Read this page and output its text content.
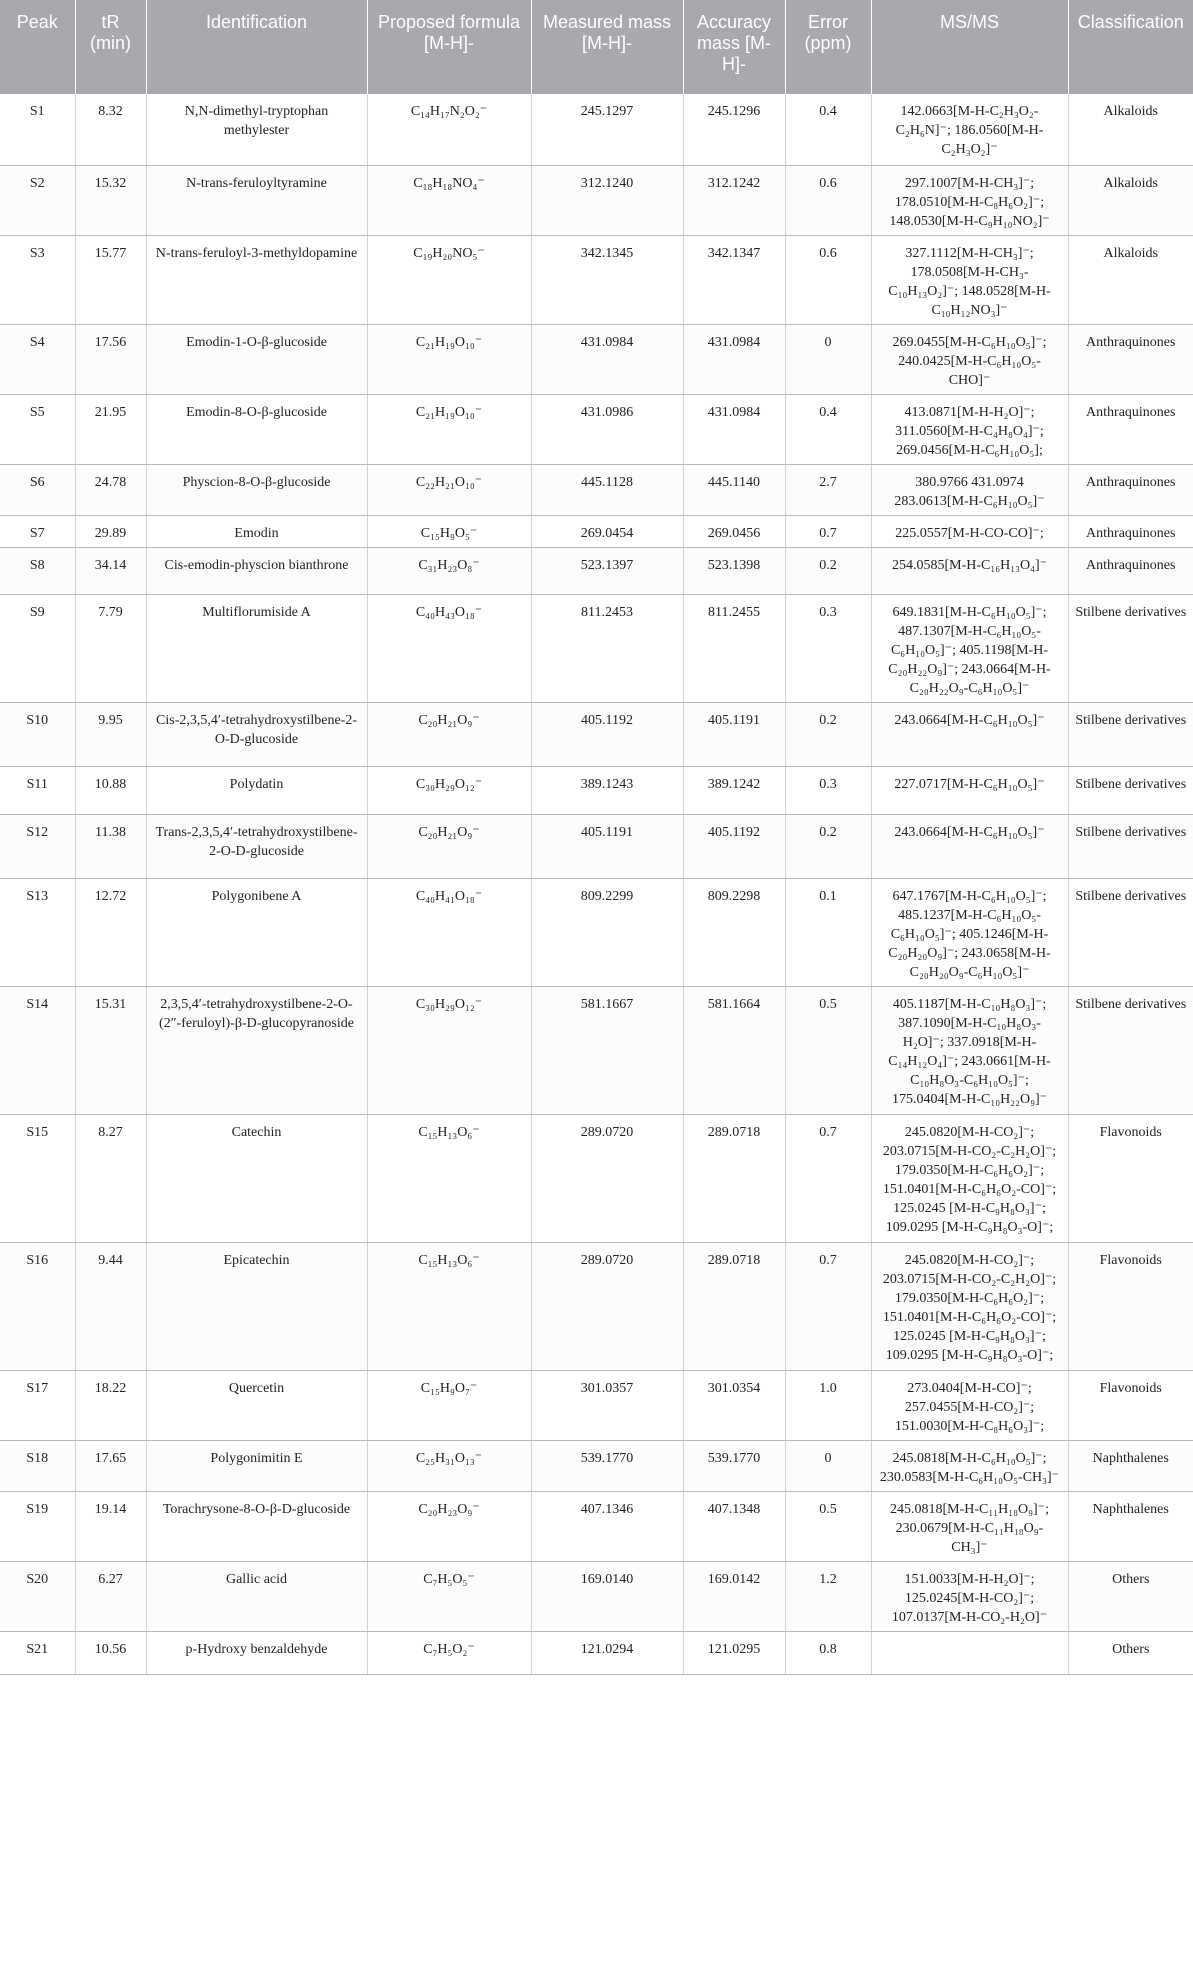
Peak	tR (min)	Identification	Proposed formula [M-H]-	Measured mass [M-H]-	Accuracy mass [M-H]-	Error (ppm)	MS/MS	Classification
S1	8.32	N,N-dimethyl-tryptophan methylester	C₁₄H₁₇N₂O₂⁻	245.1297	245.1296	0.4	142.0663[M-H-C₂H₃O₂-C₂H₆N]⁻; 186.0560[M-H-C₂H₃O₂]⁻	Alkaloids
S2	15.32	N-trans-feruloyltyramine	C₁₈H₁₈NO₄⁻	312.1240	312.1242	0.6	297.1007[M-H-CH₃]⁻; 178.0510[M-H-C₈H₆O₂]⁻; 148.0530[M-H-C₉H₁₀NO₂]⁻	Alkaloids
S3	15.77	N-trans-feruloyl-3-methyldopamine	C₁₉H₂₀NO₅⁻	342.1345	342.1347	0.6	327.1112[M-H-CH₃]⁻; 178.0508[M-H-CH₃-C₁₀H₁₃O₂]⁻; 148.0528[M-H-C₁₀H₁₂NO₃]⁻	Alkaloids
S4	17.56	Emodin-1-O-β-glucoside	C₂₁H₁₉O₁₀⁻	431.0984	431.0984	0	269.0455[M-H-C₆H₁₀O₅]⁻; 240.0425[M-H-C₆H₁₀O₅-CHO]⁻	Anthraquinones
S5	21.95	Emodin-8-O-β-glucoside	C₂₁H₁₉O₁₀⁻	431.0986	431.0984	0.4	413.0871[M-H-H₂O]⁻; 311.0560[M-H-C₄H₈O₄]⁻; 269.0456[M-H-C₆H₁₀O₅];	Anthraquinones
S6	24.78	Physcion-8-O-β-glucoside	C₂₂H₂₁O₁₀⁻	445.1128	445.1140	2.7	380.9766 431.0974 283.0613[M-H-C₆H₁₀O₅]⁻	Anthraquinones
S7	29.89	Emodin	C₁₅H₉O₅⁻	269.0454	269.0456	0.7	225.0557[M-H-CO-CO]⁻;	Anthraquinones
S8	34.14	Cis-emodin-physcion bianthrone	C₃₁H₂₃O₈⁻	523.1397	523.1398	0.2	254.0585[M-H-C₁₆H₁₃O₄]⁻	Anthraquinones
S9	7.79	Multiflorumiside A	C₄₀H₄₃O₁₈⁻	811.2453	811.2455	0.3	649.1831[M-H-C₆H₁₀O₅]⁻; 487.1307[M-H-C₆H₁₀O₅-C₆H₁₀O₅]⁻; 405.1198[M-H-C₂₀H₂₂O₉]⁻; 243.0664[M-H-C₂₀H₂₂O₉-C₆H₁₀O₅]⁻	Stilbene derivatives
S10	9.95	Cis-2,3,5,4′-tetrahydroxystilbene-2-O-D-glucoside	C₂₀H₂₁O₉⁻	405.1192	405.1191	0.2	243.0664[M-H-C₆H₁₀O₅]⁻	Stilbene derivatives
S11	10.88	Polydatin	C₃₀H₂₉O₁₂⁻	389.1243	389.1242	0.3	227.0717[M-H-C₆H₁₀O₅]⁻	Stilbene derivatives
S12	11.38	Trans-2,3,5,4′-tetrahydroxystilbene-2-O-D-glucoside	C₂₀H₂₁O₉⁻	405.1191	405.1192	0.2	243.0664[M-H-C₆H₁₀O₅]⁻	Stilbene derivatives
S13	12.72	Polygonibene A	C₄₀H₄₁O₁₈⁻	809.2299	809.2298	0.1	647.1767[M-H-C₆H₁₀O₅]⁻; 485.1237[M-H-C₆H₁₀O₅-C₆H₁₀O₅]⁻; 405.1246[M-H-C₂₀H₂₀O₉]⁻; 243.0658[M-H-C₂₀H₂₀O₉-C₆H₁₀O₅]⁻	Stilbene derivatives
S14	15.31	2,3,5,4′-tetrahydroxystilbene-2-O-(2″-feruloyl)-β-D-glucopyranoside	C₃₀H₂₉O₁₂⁻	581.1667	581.1664	0.5	405.1187[M-H-C₁₀H₈O₃]⁻; 387.1090[M-H-C₁₀H₈O₃-H₂O]⁻; 337.0918[M-H-C₁₄H₁₂O₄]⁻; 243.0661[M-H-C₁₀H₈O₃-C₆H₁₀O₅]⁻; 175.0404[M-H-C₁₀H₂₂O₉]⁻	Stilbene derivatives
S15	8.27	Catechin	C₁₅H₁₃O₆⁻	289.0720	289.0718	0.7	245.0820[M-H-CO₂]⁻; 203.0715[M-H-CO₂-C₂H₂O]⁻; 179.0350[M-H-C₆H₆O₂]⁻; 151.0401[M-H-C₆H₆O₂-CO]⁻; 125.0245 [M-H-C₉H₈O₃]⁻; 109.0295 [M-H-C₉H₈O₃-O]⁻;	Flavonoids
S16	9.44	Epicatechin	C₁₅H₁₃O₆⁻	289.0720	289.0718	0.7	245.0820[M-H-CO₂]⁻; 203.0715[M-H-CO₂-C₂H₂O]⁻; 179.0350[M-H-C₆H₆O₂]⁻; 151.0401[M-H-C₆H₆O₂-CO]⁻; 125.0245 [M-H-C₉H₈O₃]⁻; 109.0295 [M-H-C₉H₈O₃-O]⁻;	Flavonoids
S17	18.22	Quercetin	C₁₅H₉O₇⁻	301.0357	301.0354	1.0	273.0404[M-H-CO]⁻; 257.0455[M-H-CO₂]⁻; 151.0030[M-H-C₈H₆O₃]⁻;	Flavonoids
S18	17.65	Polygonimitin E	C₂₅H₃₁O₁₃⁻	539.1770	539.1770	0	245.0818[M-H-C₆H₁₀O₅]⁻; 230.0583[M-H-C₆H₁₀O₅-CH₃]⁻	Naphthalenes
S19	19.14	Torachrysone-8-O-β-D-glucoside	C₂₀H₂₃O₉⁻	407.1346	407.1348	0.5	245.0818[M-H-C₁₁H₁₈O₉]⁻; 230.0679[M-H-C₁₁H₁₈O₉-CH₃]⁻	Naphthalenes
S20	6.27	Gallic acid	C₇H₅O₅⁻	169.0140	169.0142	1.2	151.0033[M-H-H₂O]⁻; 125.0245[M-H-CO₂]⁻; 107.0137[M-H-CO₂-H₂O]⁻	Others
S21	10.56	p-Hydroxy benzaldehyde	C₇H₅O₂⁻	121.0294	121.0295	0.8		Others
